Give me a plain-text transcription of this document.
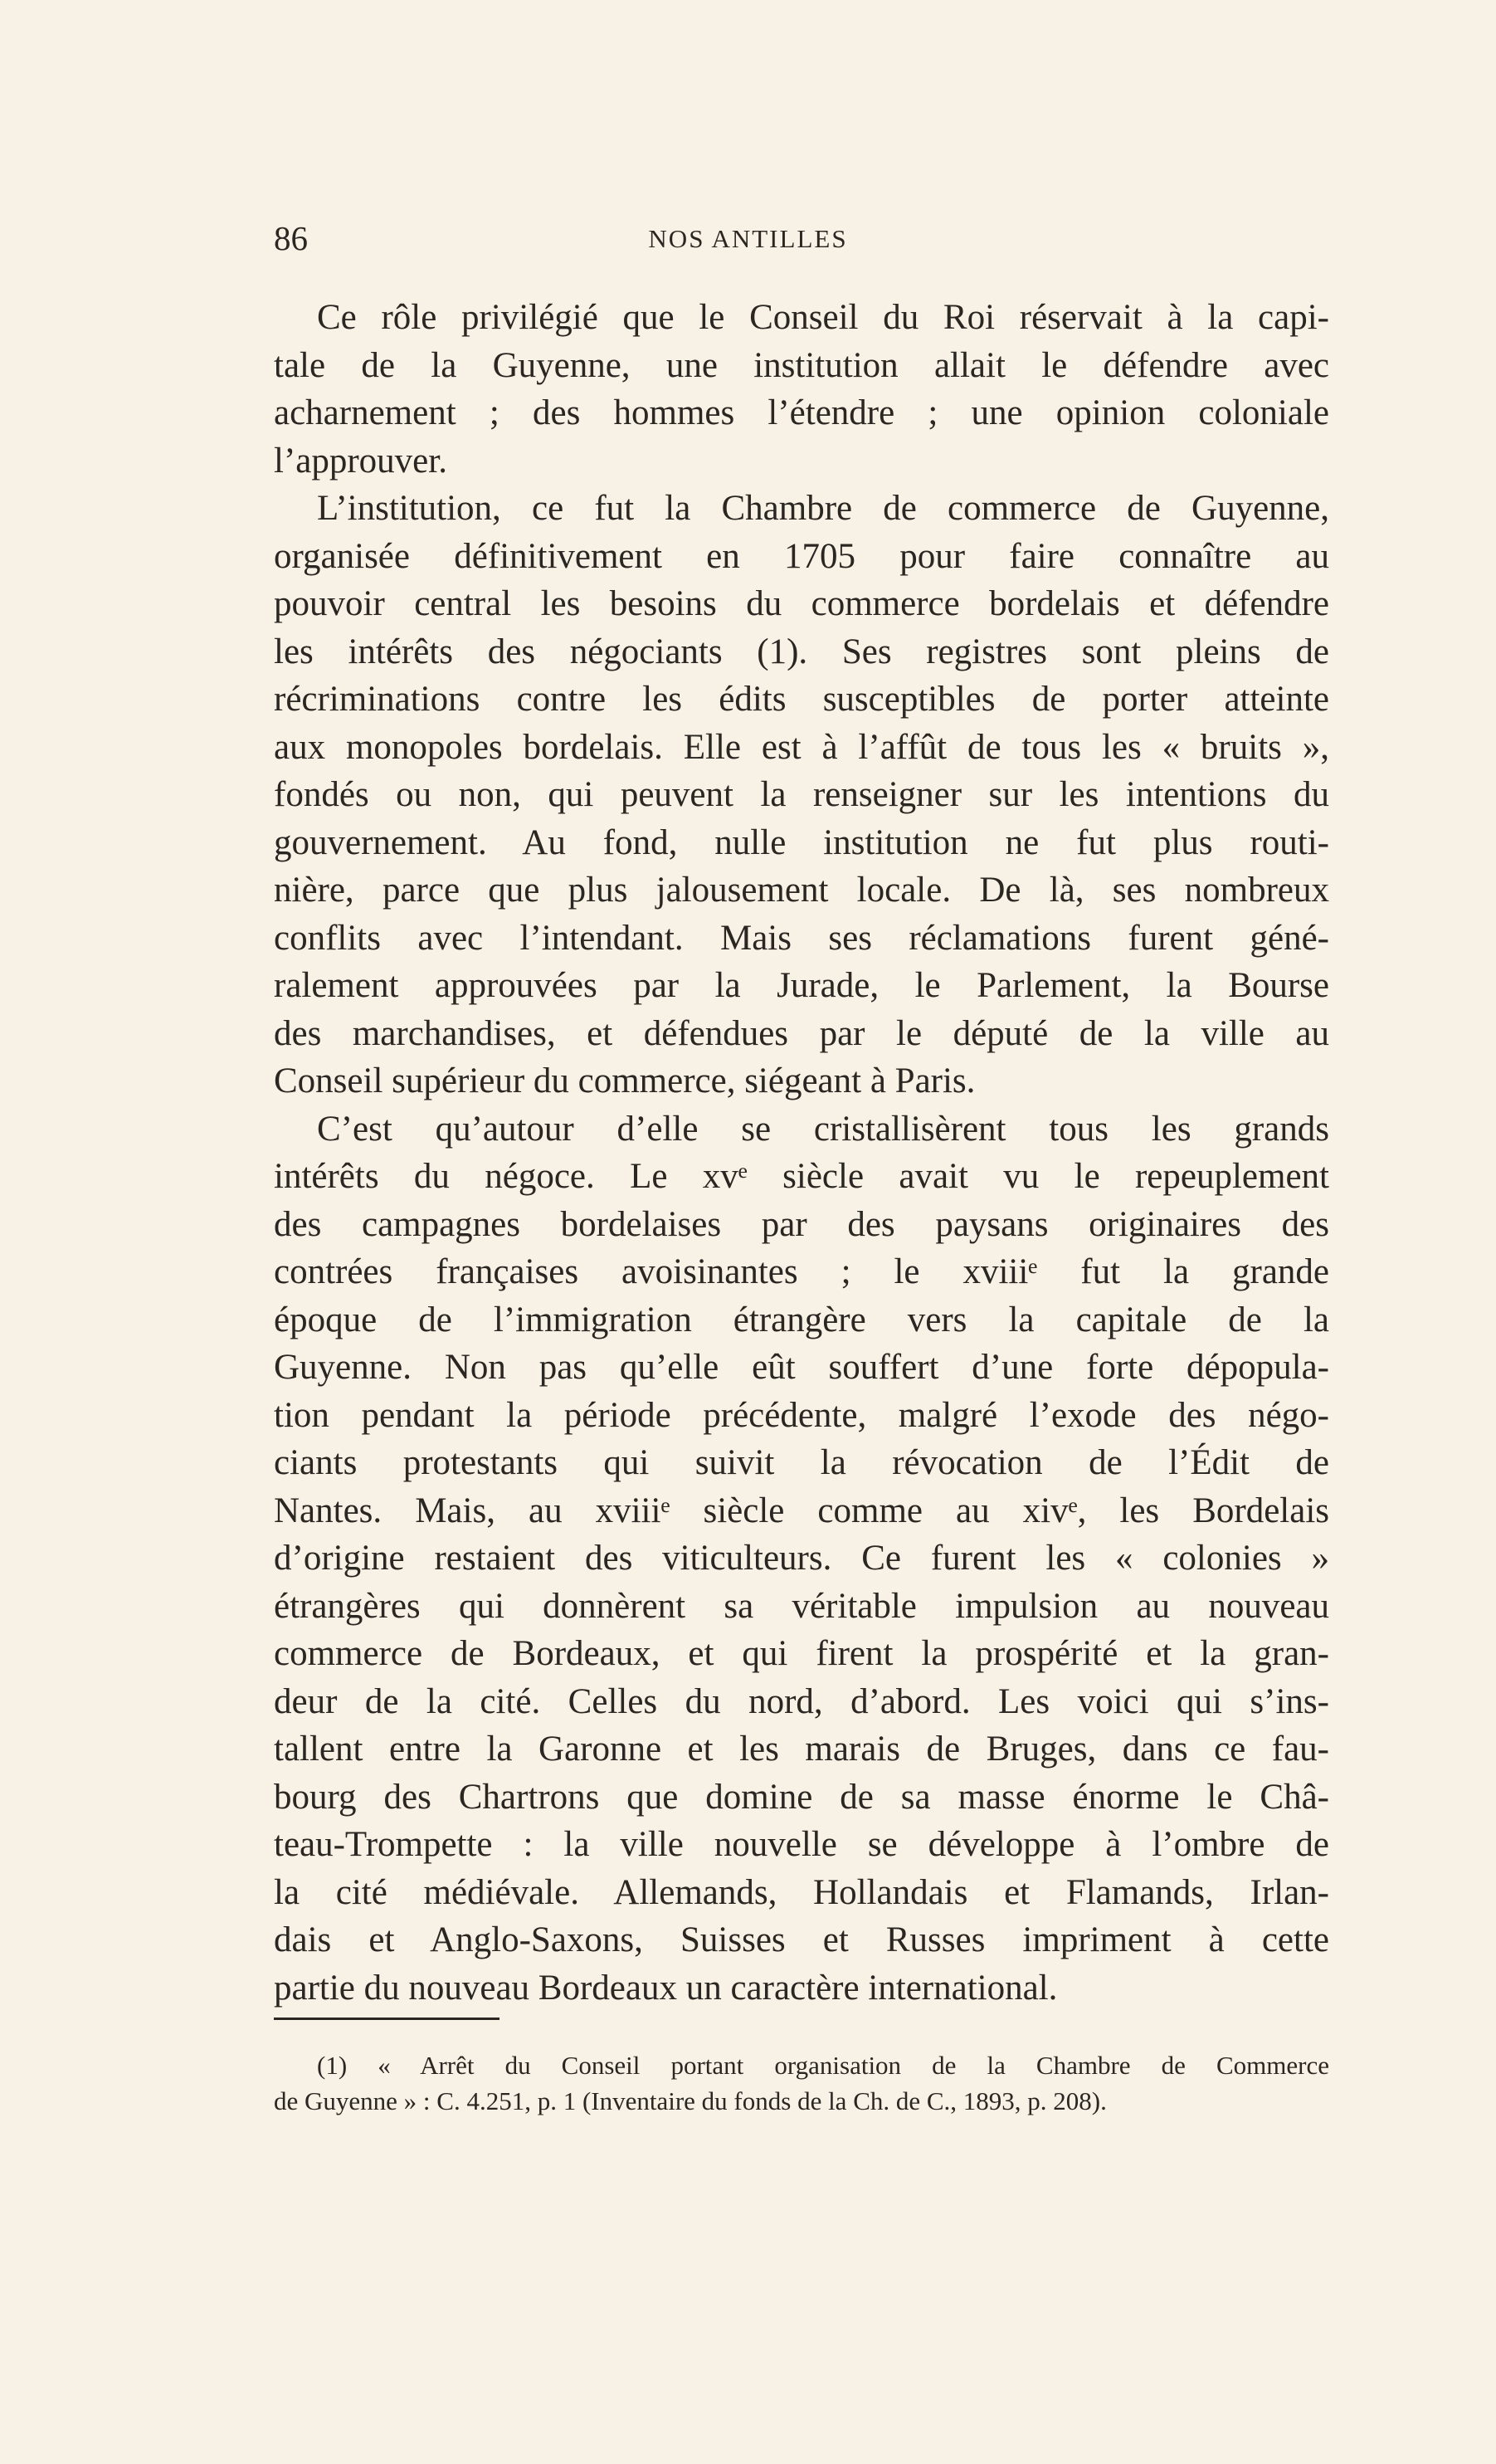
86	NOS ANTILLES
Ce rôle privilégié que le Conseil du Roi réservait à la capi-
tale de la Guyenne, une institution allait le défendre avec
acharnement ; des hommes l’étendre ; une opinion coloniale
l’approuver.
L’institution, ce fut la Chambre de commerce de Guyenne,
organisée définitivement en 1705 pour faire connaître au
pouvoir central les besoins du commerce bordelais et défendre
les intérêts des négociants (1). Ses registres sont pleins de
récriminations contre les édits susceptibles de porter atteinte
aux monopoles bordelais. Elle est à l’affût de tous les « bruits »,
fondés ou non, qui peuvent la renseigner sur les intentions du
gouvernement. Au fond, nulle institution ne fut plus routi-
nière, parce que plus jalousement locale. De là, ses nombreux
conflits avec l’intendant. Mais ses réclamations furent géné-
ralement approuvées par la Jurade, le Parlement, la Bourse
des marchandises, et défendues par le député de la ville au
Conseil supérieur du commerce, siégeant à Paris.
C’est qu’autour d’elle se cristallisèrent tous les grands
intérêts du négoce. Le xvᵉ siècle avait vu le repeuplement
des campagnes bordelaises par des paysans originaires des
contrées françaises avoisinantes ; le xviiiᵉ fut la grande
époque de l’immigration étrangère vers la capitale de la
Guyenne. Non pas qu’elle eût souffert d’une forte dépopula-
tion pendant la période précédente, malgré l’exode des négo-
ciants protestants qui suivit la révocation de l’Édit de
Nantes. Mais, au xviiiᵉ siècle comme au xivᵉ, les Bordelais
d’origine restaient des viticulteurs. Ce furent les « colonies »
étrangères qui donnèrent sa véritable impulsion au nouveau
commerce de Bordeaux, et qui firent la prospérité et la gran-
deur de la cité. Celles du nord, d’abord. Les voici qui s’ins-
tallent entre la Garonne et les marais de Bruges, dans ce fau-
bourg des Chartrons que domine de sa masse énorme le Châ-
teau-Trompette : la ville nouvelle se développe à l’ombre de
la cité médiévale. Allemands, Hollandais et Flamands, Irlan-
dais et Anglo-Saxons, Suisses et Russes impriment à cette
partie du nouveau Bordeaux un caractère international.
(1) « Arrêt du Conseil portant organisation de la Chambre de Commerce
de Guyenne » : C. 4.251, p. 1 (Inventaire du fonds de la Ch. de C., 1893, p. 208).
